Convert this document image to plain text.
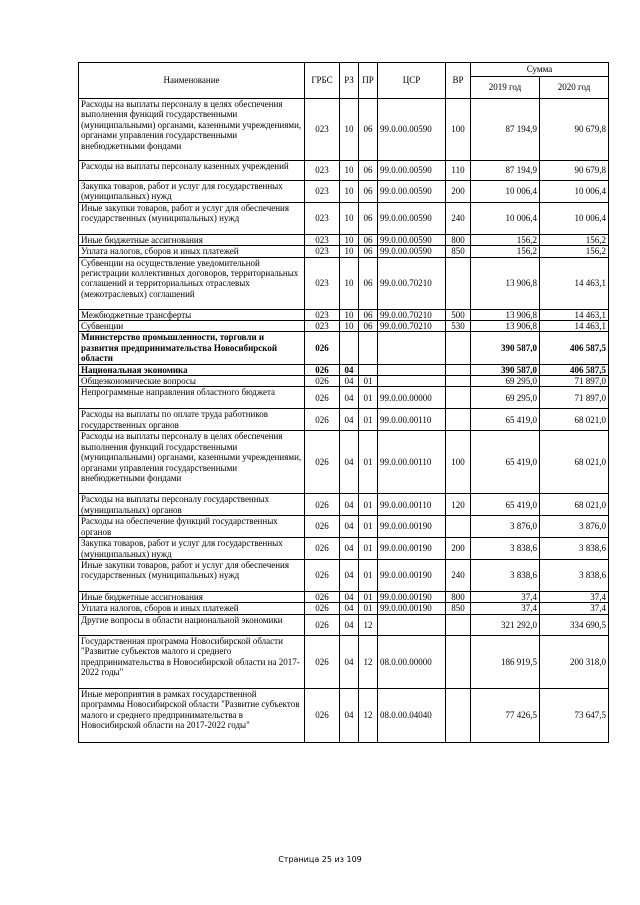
Наименование	ГРБС	РЗ	ПР	ЦСР	ВР	Сумма	
						2019 год	2020 год
Расходы на выплаты персоналу в целях обеспечения выполнения функций государственными (муниципальными) органами, казенными учреждениями, органами управления государственными внебюджетными фондами	023	10	06	99.0.00.00590	100	87 194,9	90 679,8
Расходы на выплаты персоналу казенных учреждений	023	10	06	99.0.00.00590	110	87 194,9	90 679,8
Закупка товаров, работ и услуг для государственных (муниципальных) нужд	023	10	06	99.0.00.00590	200	10 006,4	10 006,4
Иные закупки товаров, работ и услуг для обеспечения государственных (муниципальных) нужд	023	10	06	99.0.00.00590	240	10 006,4	10 006,4
Иные бюджетные ассигнования	023	10	06	99.0.00.00590	800	156,2	156,2
Уплата налогов, сборов и иных платежей	023	10	06	99.0.00.00590	850	156,2	156,2
Субвенции на осуществление уведомительной регистрации коллективных договоров, территориальных соглашений и территориальных отраслевых (межотраслевых) соглашений	023	10	06	99.0.00.70210		13 906,8	14 463,1
Межбюджетные трансферты	023	10	06	99.0.00.70210	500	13 906,8	14 463,1
Субвенции	023	10	06	99.0.00.70210	530	13 906,8	14 463,1
Министерство промышленности, торговли и развития предпринимательства Новосибирской области	026					390 587,0	406 587,5
Национальная экономика	026	04				390 587,0	406 587,5
Общеэкономические вопросы	026	04	01			69 295,0	71 897,0
Непрограммные направления областного бюджета	026	04	01	99.0.00.00000		69 295,0	71 897,0
Расходы на выплаты по оплате труда работников государственных органов	026	04	01	99.0.00.00110		65 419,0	68 021,0
Расходы на выплаты персоналу в целях обеспечения выполнения функций государственными (муниципальными) органами, казенными учреждениями, органами управления государственными внебюджетными фондами	026	04	01	99.0.00.00110	100	65 419,0	68 021,0
Расходы на выплаты персоналу государственных (муниципальных) органов	026	04	01	99.0.00.00110	120	65 419,0	68 021,0
Расходы на обеспечение функций государственных органов	026	04	01	99.0.00.00190		3 876,0	3 876,0
Закупка товаров, работ и услуг для государственных (муниципальных) нужд	026	04	01	99.0.00.00190	200	3 838,6	3 838,6
Иные закупки товаров, работ и услуг для обеспечения государственных (муниципальных) нужд	026	04	01	99.0.00.00190	240	3 838,6	3 838,6
Иные бюджетные ассигнования	026	04	01	99.0.00.00190	800	37,4	37,4
Уплата налогов, сборов и иных платежей	026	04	01	99.0.00.00190	850	37,4	37,4
Другие вопросы в области национальной экономики	026	04	12			321 292,0	334 690,5
Государственная программа Новосибирской области "Развитие субъектов малого и среднего предпринимательства в Новосибирской области на 2017-2022 годы"	026	04	12	08.0.00.00000		186 919,5	200 318,0
Иные мероприятия в рамках государственной программы Новосибирской области "Развитие субъектов малого и среднего предпринимательства в Новосибирской области на 2017-2022 годы"	026	04	12	08.0.00.04040		77 426,5	73 647,5
Страница 25 из 109
